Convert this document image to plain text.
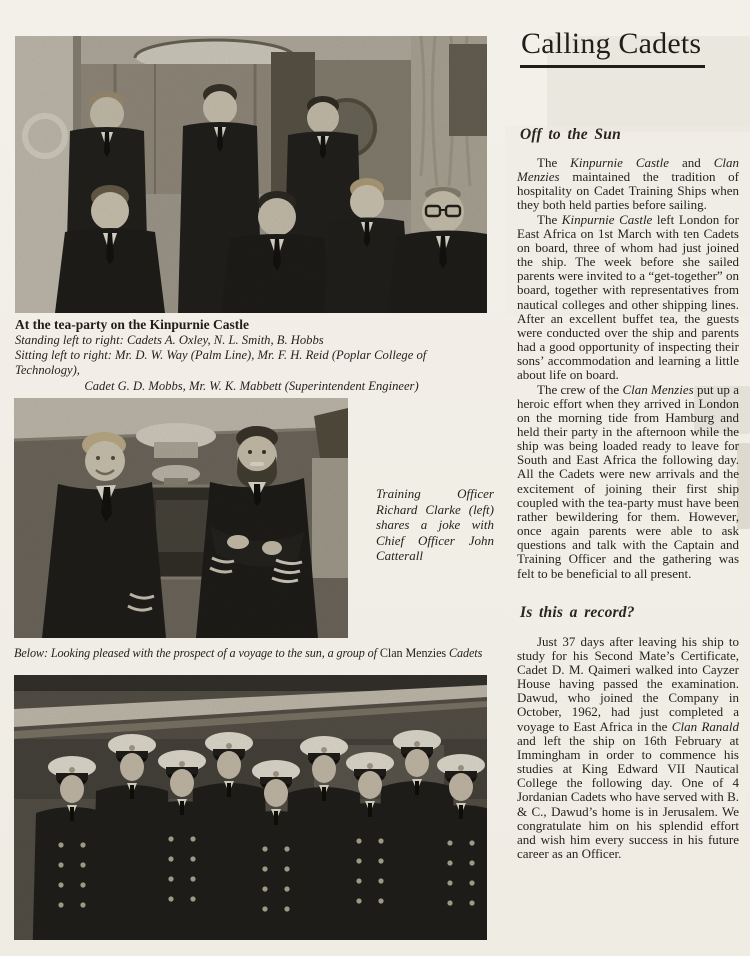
At the tea-party on the Kinpurnie Castle

Standing left to right: Cadets A. Oxley, N. L. Smith, B. Hobbs

Sitting left to right: Mr. D. W. Way (Palm Line), Mr. F. H. Reid (Poplar College of Technology),

Cadet G. D. Mobbs, Mr. W. K. Mabbett (Superintendent Engineer)

Training Officer Richard Clarke (left) shares a joke with Chief Officer John Catterall
Below: Looking pleased with the prospect of a voyage to the sun, a group of Clan Menzies Cadets
Calling Cadets
Off to the Sun

The Kinpurnie Castle and Clan Menzies maintained the tradition of hospitality on Cadet Training Ships when they both held parties before sailing.

The Kinpurnie Castle left London for East Africa on 1st March with ten Cadets on board, three of whom had just joined the ship. The week before she sailed parents were invited to a “get-together” on board, together with representatives from nautical colleges and other shipping lines. After an excellent buffet tea, the guests were conducted over the ship and parents had a good opportunity of inspecting their sons’ accommodation and learning a little about life on board.

The crew of the Clan Menzies put up a heroic effort when they arrived in London on the morning tide from Hamburg and held their party in the afternoon while the ship was being loaded ready to leave for South and East Africa the following day. All the Cadets were new arrivals and the excitement of joining their first ship coupled with the tea-party must have been rather bewildering for them. However, once again parents were able to ask questions and talk with the Captain and Training Officer and the gathering was felt to be beneficial to all present.

Is this a record?

Just 37 days after leaving his ship to study for his Second Mate’s Certificate, Cadet D. M. Qaimeri walked into Cayzer House having passed the examination. Dawud, who joined the Company in October, 1962, had just completed a voyage to East Africa in the Clan Ranald and left the ship on 16th February at Immingham in order to commence his studies at King Edward VII Nautical College the following day. One of 4 Jordanian Cadets who have served with B. & C., Dawud’s home is in Jerusalem. We congratulate him on his splendid effort and wish him every success in his future career as an Officer.
